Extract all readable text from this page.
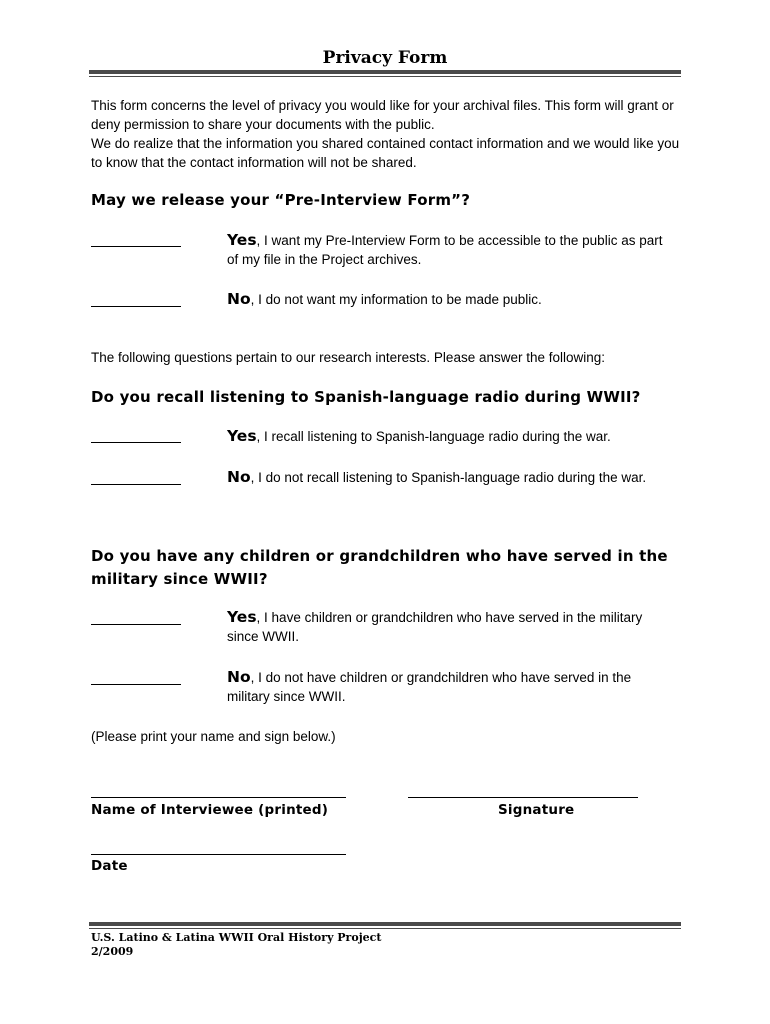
Privacy Form

This form concerns the level of privacy you would like for your archival files. This form will grant or deny permission to share your documents with the public.

We do realize that the information you shared contained contact information and we would like you to know that the contact information will not be shared.

May we release your “Pre-Interview Form”?
Yes, I want my Pre-Interview Form to be accessible to the public as part of my file in the Project archives.
No, I do not want my information to be made public.
The following questions pertain to our research interests. Please answer the following:
Do you recall listening to Spanish-language radio during WWII?
Yes, I recall listening to Spanish-language radio during the war.
No, I do not recall listening to Spanish-language radio during the war.
Do you have any children or grandchildren who have served in the military since WWII?
Yes, I have children or grandchildren who have served in the military since WWII.
No, I do not have children or grandchildren who have served in the military since WWII.
(Please print your name and sign below.)
Name of Interviewee (printed)	Signature
Date
U.S. Latino & Latina WWII Oral History Project
2/2009
